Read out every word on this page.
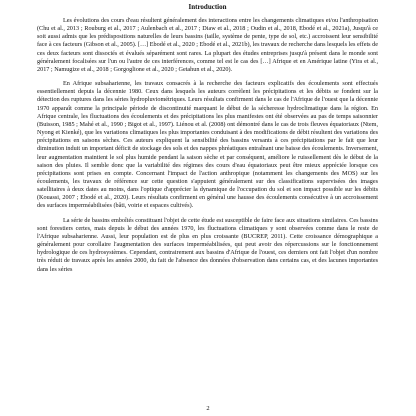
Introduction

Les évolutions des cours d'eau résultent généralement des interactions entre les changements climatiques et/ou l'anthropisation (Chu et al., 2013 ; Rouburg et al., 2017 ; Aulenbach et al., 2017 ; Diaw et al., 2018 ; Oudin et al., 2018, Ebodé et al., 2021a), Jusqu'à ce soit aussi admis que les prédispositions naturelles de leurs bassins (taille, système de pente, type de sol, etc.) accroissent leur sensibilité face à ces facteurs (Gibson et al., 2005). […] Ebodé et al., 2020 ; Ebodé et al., 2021b), les travaux de recherche dans lesquels les effets de ces deux facteurs sont dissociés et évalués séparément sont rares. La plupart des études entreprises jusqu'à présent dans le monde sont généralement focalisées sur l'un ou l'autre de ces interférences, comme tel est le cas des […] Afrique et en Amérique latine (Yira et al., 2017 ; Namugize et al., 2018 ; Gorgoglione et al., 2020 ; Getahun et al., 2020).

En Afrique subsaharienne, les travaux consacrés à la recherche des facteurs explicatifs des écoulements sont effectués essentiellement depuis la décennie 1980. Ceux dans lesquels les auteurs corrèlent les précipitations et les débits se fondent sur la détection des ruptures dans les séries hydropluviométriques. Leurs résultats confirment dans le cas de l'Afrique de l'ouest que la décennie 1970 apparaît comme la principale période de discontinuité marquant le début de la sécheresse hydroclimatique dans la région. En Afrique centrale, les fluctuations des écoulements et des précipitations les plus manifestes ont été observées au pas de temps saisonnier (Buisson, 1985 ; Mahé et al., 1990 ; Bigot et al., 1997). Liénou et al. (2008) ont démontré dans le cas de trois fleuves équatoriaux (Ntem, Nyong et Kienké), que les variations climatiques les plus importantes conduisant à des modifications de débit résultent des variations des précipitations en saisons sèches. Ces auteurs expliquent la sensibilité des bassins versants à ces précipitations par le fait que leur diminution induit un important déficit de stockage des sols et des nappes phréatiques entraînant une baisse des écoulements. Inversement, leur augmentation maintient le sol plus humide pendant la saison sèche et par conséquent, améliore le ruissellement dès le début de la saison des pluies. Il semble donc que la variabilité des régimes des cours d'eau équatoriaux peut être mieux appréciée lorsque ces précipitations sont prises en compte. Concernant l'impact de l'action anthropique (notamment les changements des MOS) sur les écoulements, les travaux de référence sur cette question s'appuient généralement sur des classifications supervisées des images satellitaires à deux dates au moins, dans l'optique d'apprécier la dynamique de l'occupation du sol et son impact possible sur les débits (Kouassi, 2007 ; Ebodé et al., 2020). Leurs résultats confirment en général une hausse des écoulements consécutive à un accroissement des surfaces imperméabilisées (bâti, voirie et espaces cultivés).

La série de bassins emboîtés constituant l'objet de cette étude est susceptible de faire face aux situations similaires. Ces bassins sont forestiers certes, mais depuis le début des années 1970, les fluctuations climatiques y sont observées comme dans le reste de l'Afrique subsaharienne. Aussi, leur population est de plus en plus croissante (BUCREP, 2011). Cette croissance démographique a généralement pour corollaire l'augmentation des surfaces imperméabilisées, qui peut avoir des répercussions sur le fonctionnement hydrologique de ces hydrosystèmes. Cependant, contrairement aux bassins d'Afrique de l'ouest, ces derniers ont fait l'objet d'un nombre très réduit de travaux après les années 2000, du fait de l'absence des données d'observation dans certains cas, et des lacunes importantes dans les séries

2
